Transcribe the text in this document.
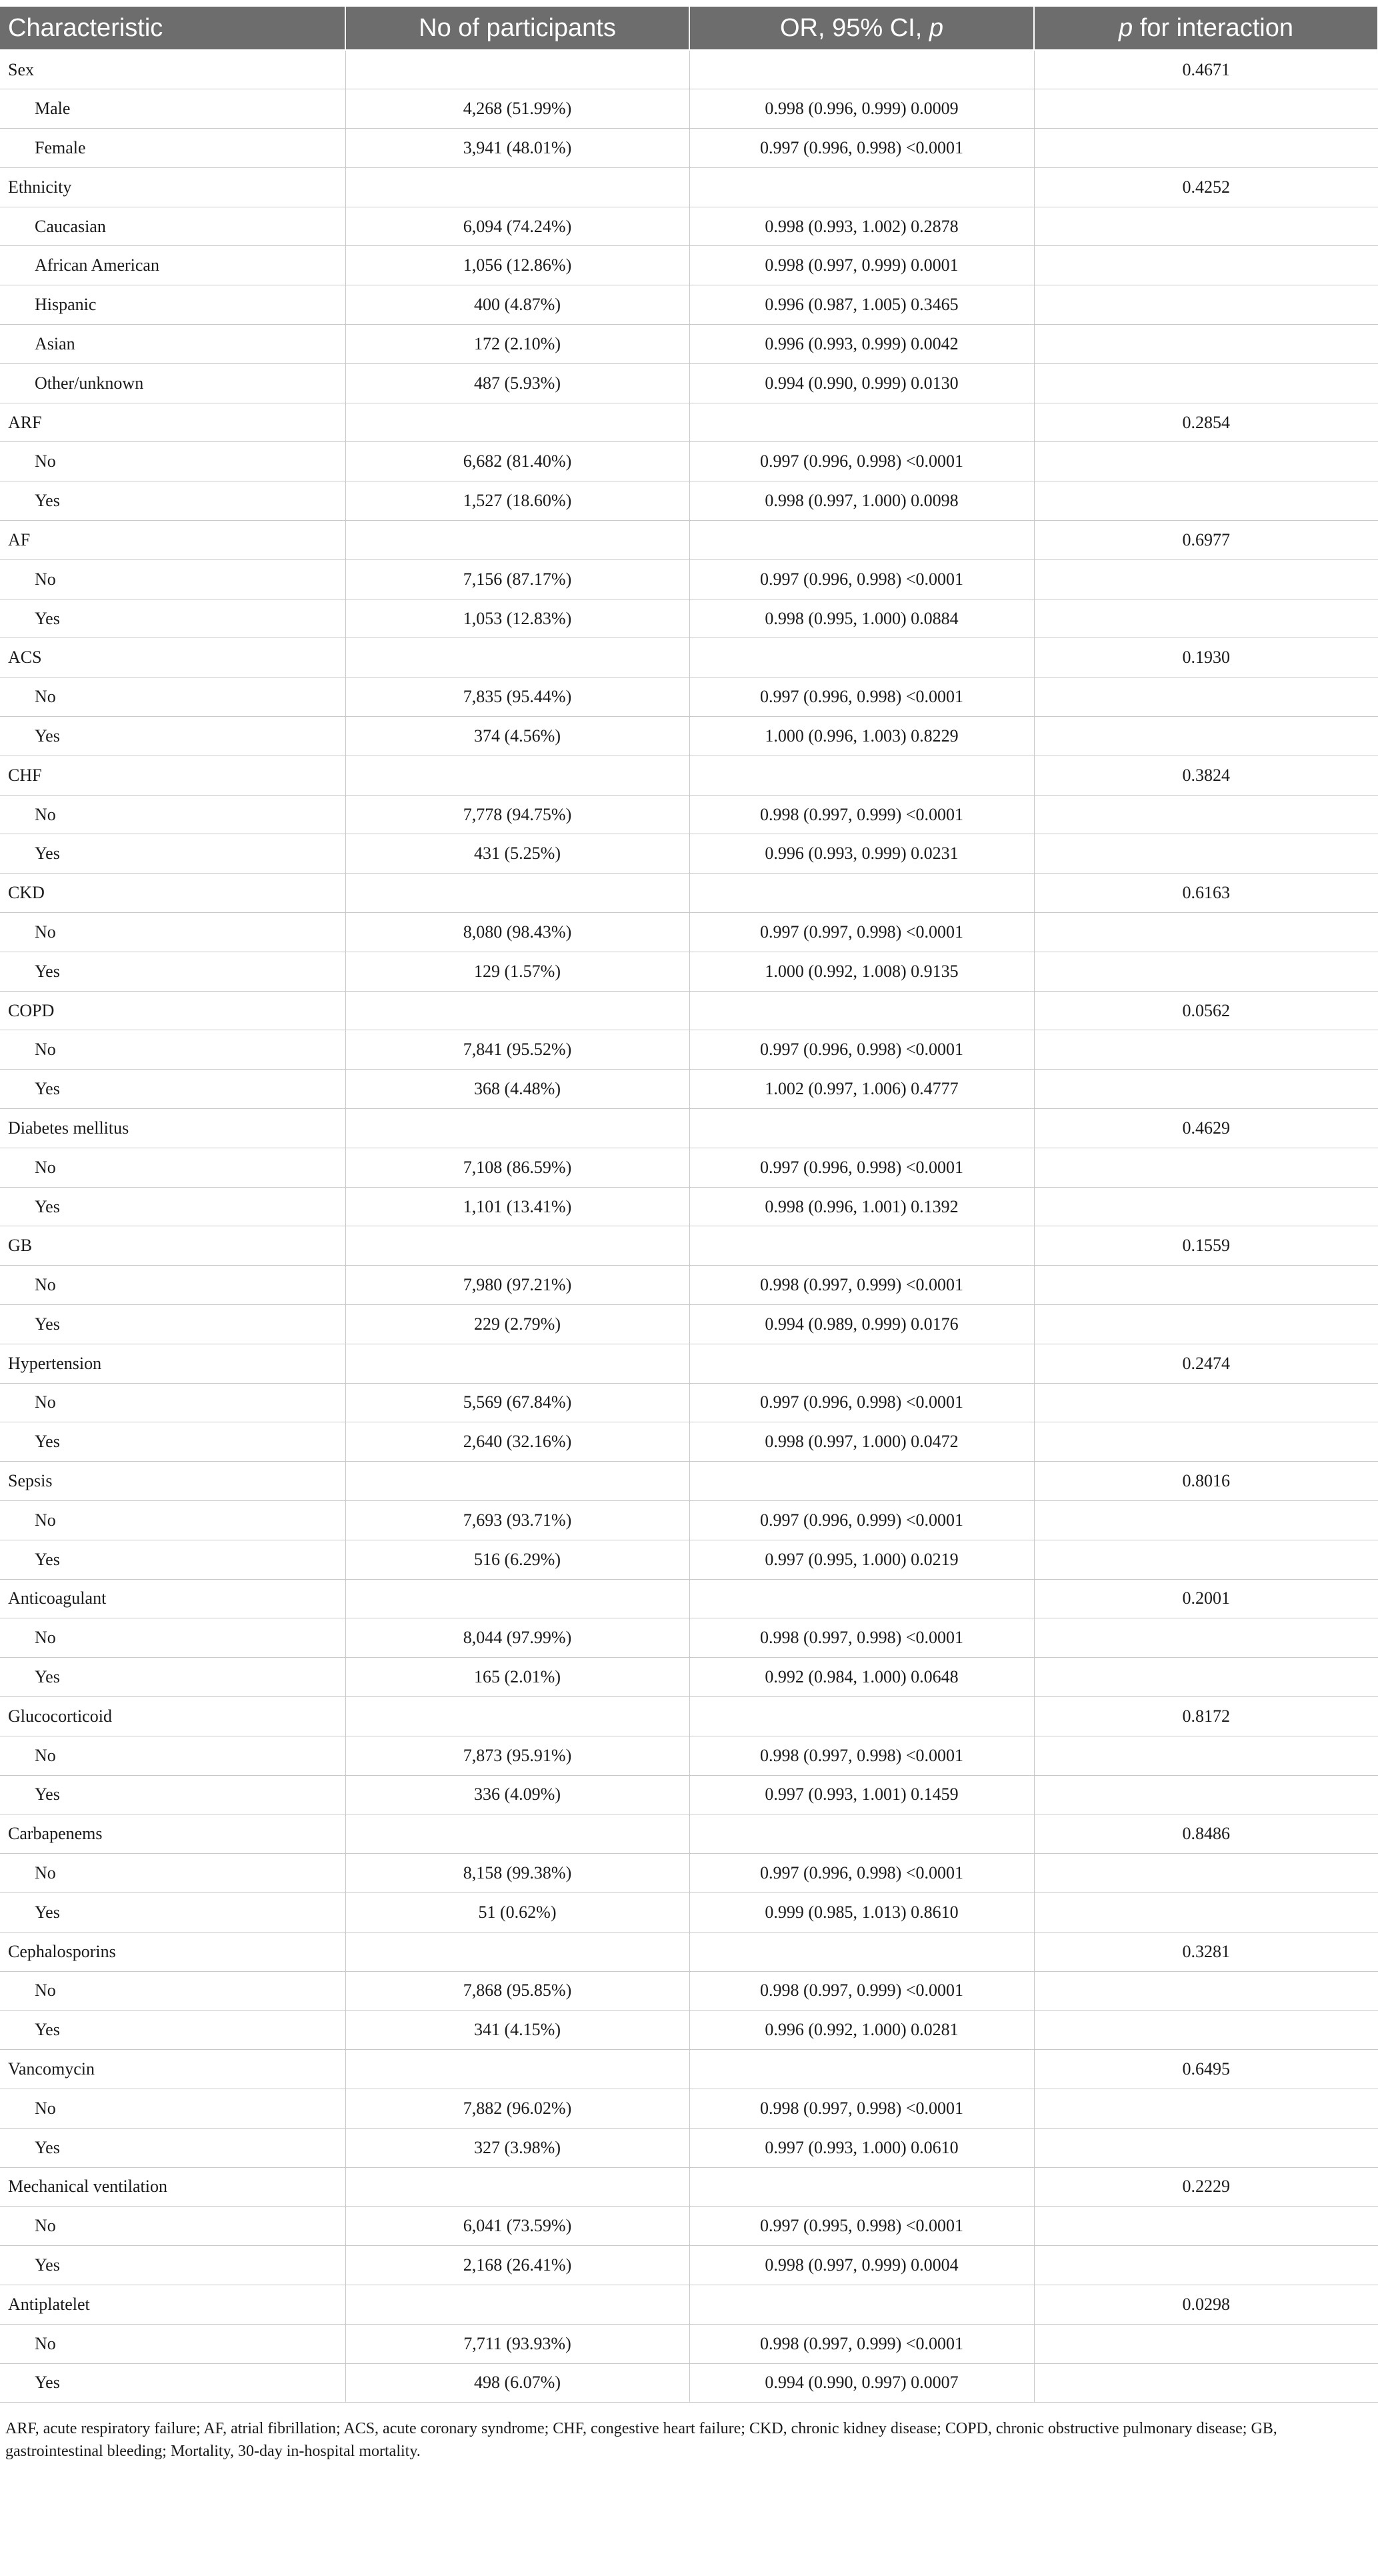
Characteristic	No of participants	OR, 95% CI, p	p for interaction
Sex			0.4671
Male	4,268 (51.99%)	0.998 (0.996, 0.999) 0.0009	
Female	3,941 (48.01%)	0.997 (0.996, 0.998) <0.0001	
Ethnicity			0.4252
Caucasian	6,094 (74.24%)	0.998 (0.993, 1.002) 0.2878	
African American	1,056 (12.86%)	0.998 (0.997, 0.999) 0.0001	
Hispanic	400 (4.87%)	0.996 (0.987, 1.005) 0.3465	
Asian	172 (2.10%)	0.996 (0.993, 0.999) 0.0042	
Other/unknown	487 (5.93%)	0.994 (0.990, 0.999) 0.0130	
ARF			0.2854
No	6,682 (81.40%)	0.997 (0.996, 0.998) <0.0001	
Yes	1,527 (18.60%)	0.998 (0.997, 1.000) 0.0098	
AF			0.6977
No	7,156 (87.17%)	0.997 (0.996, 0.998) <0.0001	
Yes	1,053 (12.83%)	0.998 (0.995, 1.000) 0.0884	
ACS			0.1930
No	7,835 (95.44%)	0.997 (0.996, 0.998) <0.0001	
Yes	374 (4.56%)	1.000 (0.996, 1.003) 0.8229	
CHF			0.3824
No	7,778 (94.75%)	0.998 (0.997, 0.999) <0.0001	
Yes	431 (5.25%)	0.996 (0.993, 0.999) 0.0231	
CKD			0.6163
No	8,080 (98.43%)	0.997 (0.997, 0.998) <0.0001	
Yes	129 (1.57%)	1.000 (0.992, 1.008) 0.9135	
COPD			0.0562
No	7,841 (95.52%)	0.997 (0.996, 0.998) <0.0001	
Yes	368 (4.48%)	1.002 (0.997, 1.006) 0.4777	
Diabetes mellitus			0.4629
No	7,108 (86.59%)	0.997 (0.996, 0.998) <0.0001	
Yes	1,101 (13.41%)	0.998 (0.996, 1.001) 0.1392	
GB			0.1559
No	7,980 (97.21%)	0.998 (0.997, 0.999) <0.0001	
Yes	229 (2.79%)	0.994 (0.989, 0.999) 0.0176	
Hypertension			0.2474
No	5,569 (67.84%)	0.997 (0.996, 0.998) <0.0001	
Yes	2,640 (32.16%)	0.998 (0.997, 1.000) 0.0472	
Sepsis			0.8016
No	7,693 (93.71%)	0.997 (0.996, 0.999) <0.0001	
Yes	516 (6.29%)	0.997 (0.995, 1.000) 0.0219	
Anticoagulant			0.2001
No	8,044 (97.99%)	0.998 (0.997, 0.998) <0.0001	
Yes	165 (2.01%)	0.992 (0.984, 1.000) 0.0648	
Glucocorticoid			0.8172
No	7,873 (95.91%)	0.998 (0.997, 0.998) <0.0001	
Yes	336 (4.09%)	0.997 (0.993, 1.001) 0.1459	
Carbapenems			0.8486
No	8,158 (99.38%)	0.997 (0.996, 0.998) <0.0001	
Yes	51 (0.62%)	0.999 (0.985, 1.013) 0.8610	
Cephalosporins			0.3281
No	7,868 (95.85%)	0.998 (0.997, 0.999) <0.0001	
Yes	341 (4.15%)	0.996 (0.992, 1.000) 0.0281	
Vancomycin			0.6495
No	7,882 (96.02%)	0.998 (0.997, 0.998) <0.0001	
Yes	327 (3.98%)	0.997 (0.993, 1.000) 0.0610	
Mechanical ventilation			0.2229
No	6,041 (73.59%)	0.997 (0.995, 0.998) <0.0001	
Yes	2,168 (26.41%)	0.998 (0.997, 0.999) 0.0004	
Antiplatelet			0.0298
No	7,711 (93.93%)	0.998 (0.997, 0.999) <0.0001	
Yes	498 (6.07%)	0.994 (0.990, 0.997) 0.0007	
ARF, acute respiratory failure; AF, atrial fibrillation; ACS, acute coronary syndrome; CHF, congestive heart failure; CKD, chronic kidney disease; COPD, chronic obstructive pulmonary disease; GB, gastrointestinal bleeding; Mortality, 30-day in-hospital mortality.
